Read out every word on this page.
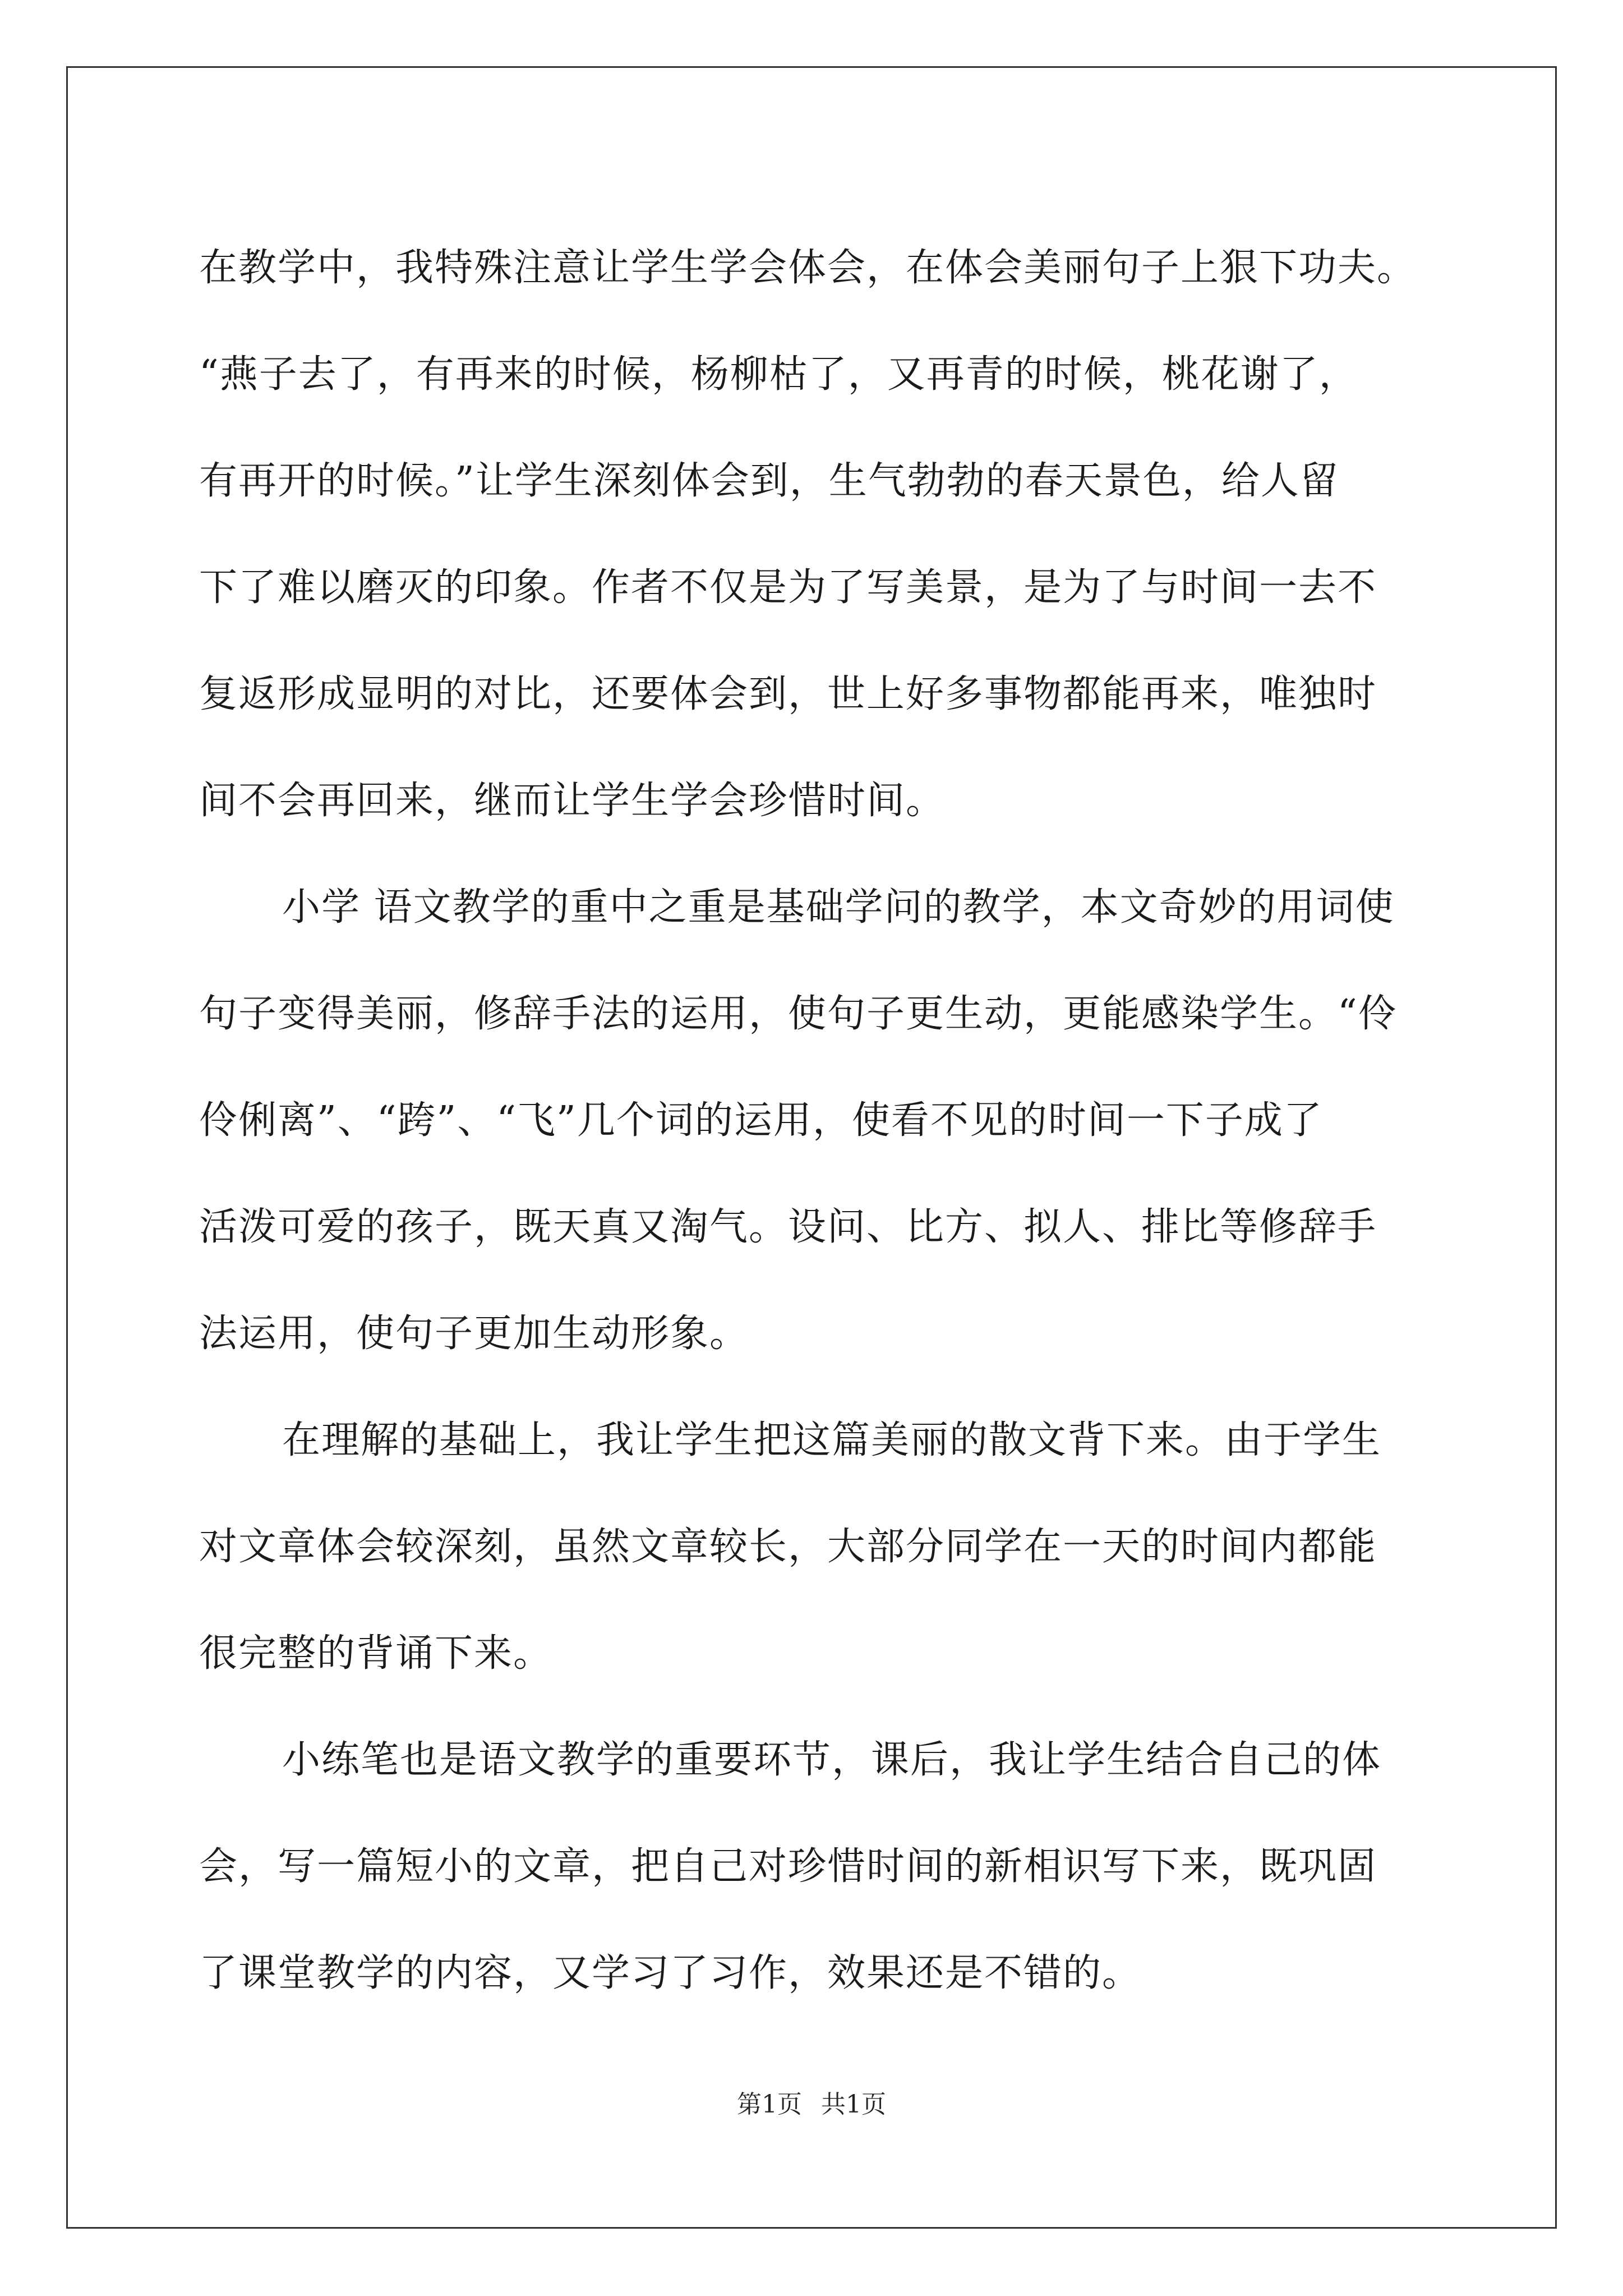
在教学中，我特殊注意让学生学会体会，在体会美丽句子上狠下功夫。
“燕子去了，有再来的时候，杨柳枯了，又再青的时候，桃花谢了，
有再开的时候。”让学生深刻体会到，生气勃勃的春天景色，给人留
下了难以磨灭的印象。作者不仅是为了写美景，是为了与时间一去不
复返形成显明的对比，还要体会到，世上好多事物都能再来，唯独时
间不会再回来，继而让学生学会珍惜时间。
小学 语文教学的重中之重是基础学问的教学，本文奇妙的用词使
句子变得美丽，修辞手法的运用，使句子更生动，更能感染学生。“伶
伶俐离”、“跨”、“飞”几个词的运用，使看不见的时间一下子成了
活泼可爱的孩子，既天真又淘气。设问、比方、拟人、排比等修辞手
法运用，使句子更加生动形象。
在理解的基础上，我让学生把这篇美丽的散文背下来。由于学生
对文章体会较深刻，虽然文章较长，大部分同学在一天的时间内都能
很完整的背诵下来。
小练笔也是语文教学的重要环节，课后，我让学生结合自己的体
会，写一篇短小的文章，把自己对珍惜时间的新相识写下来，既巩固
了课堂教学的内容，又学习了习作，效果还是不错的。
第1页 共1页
